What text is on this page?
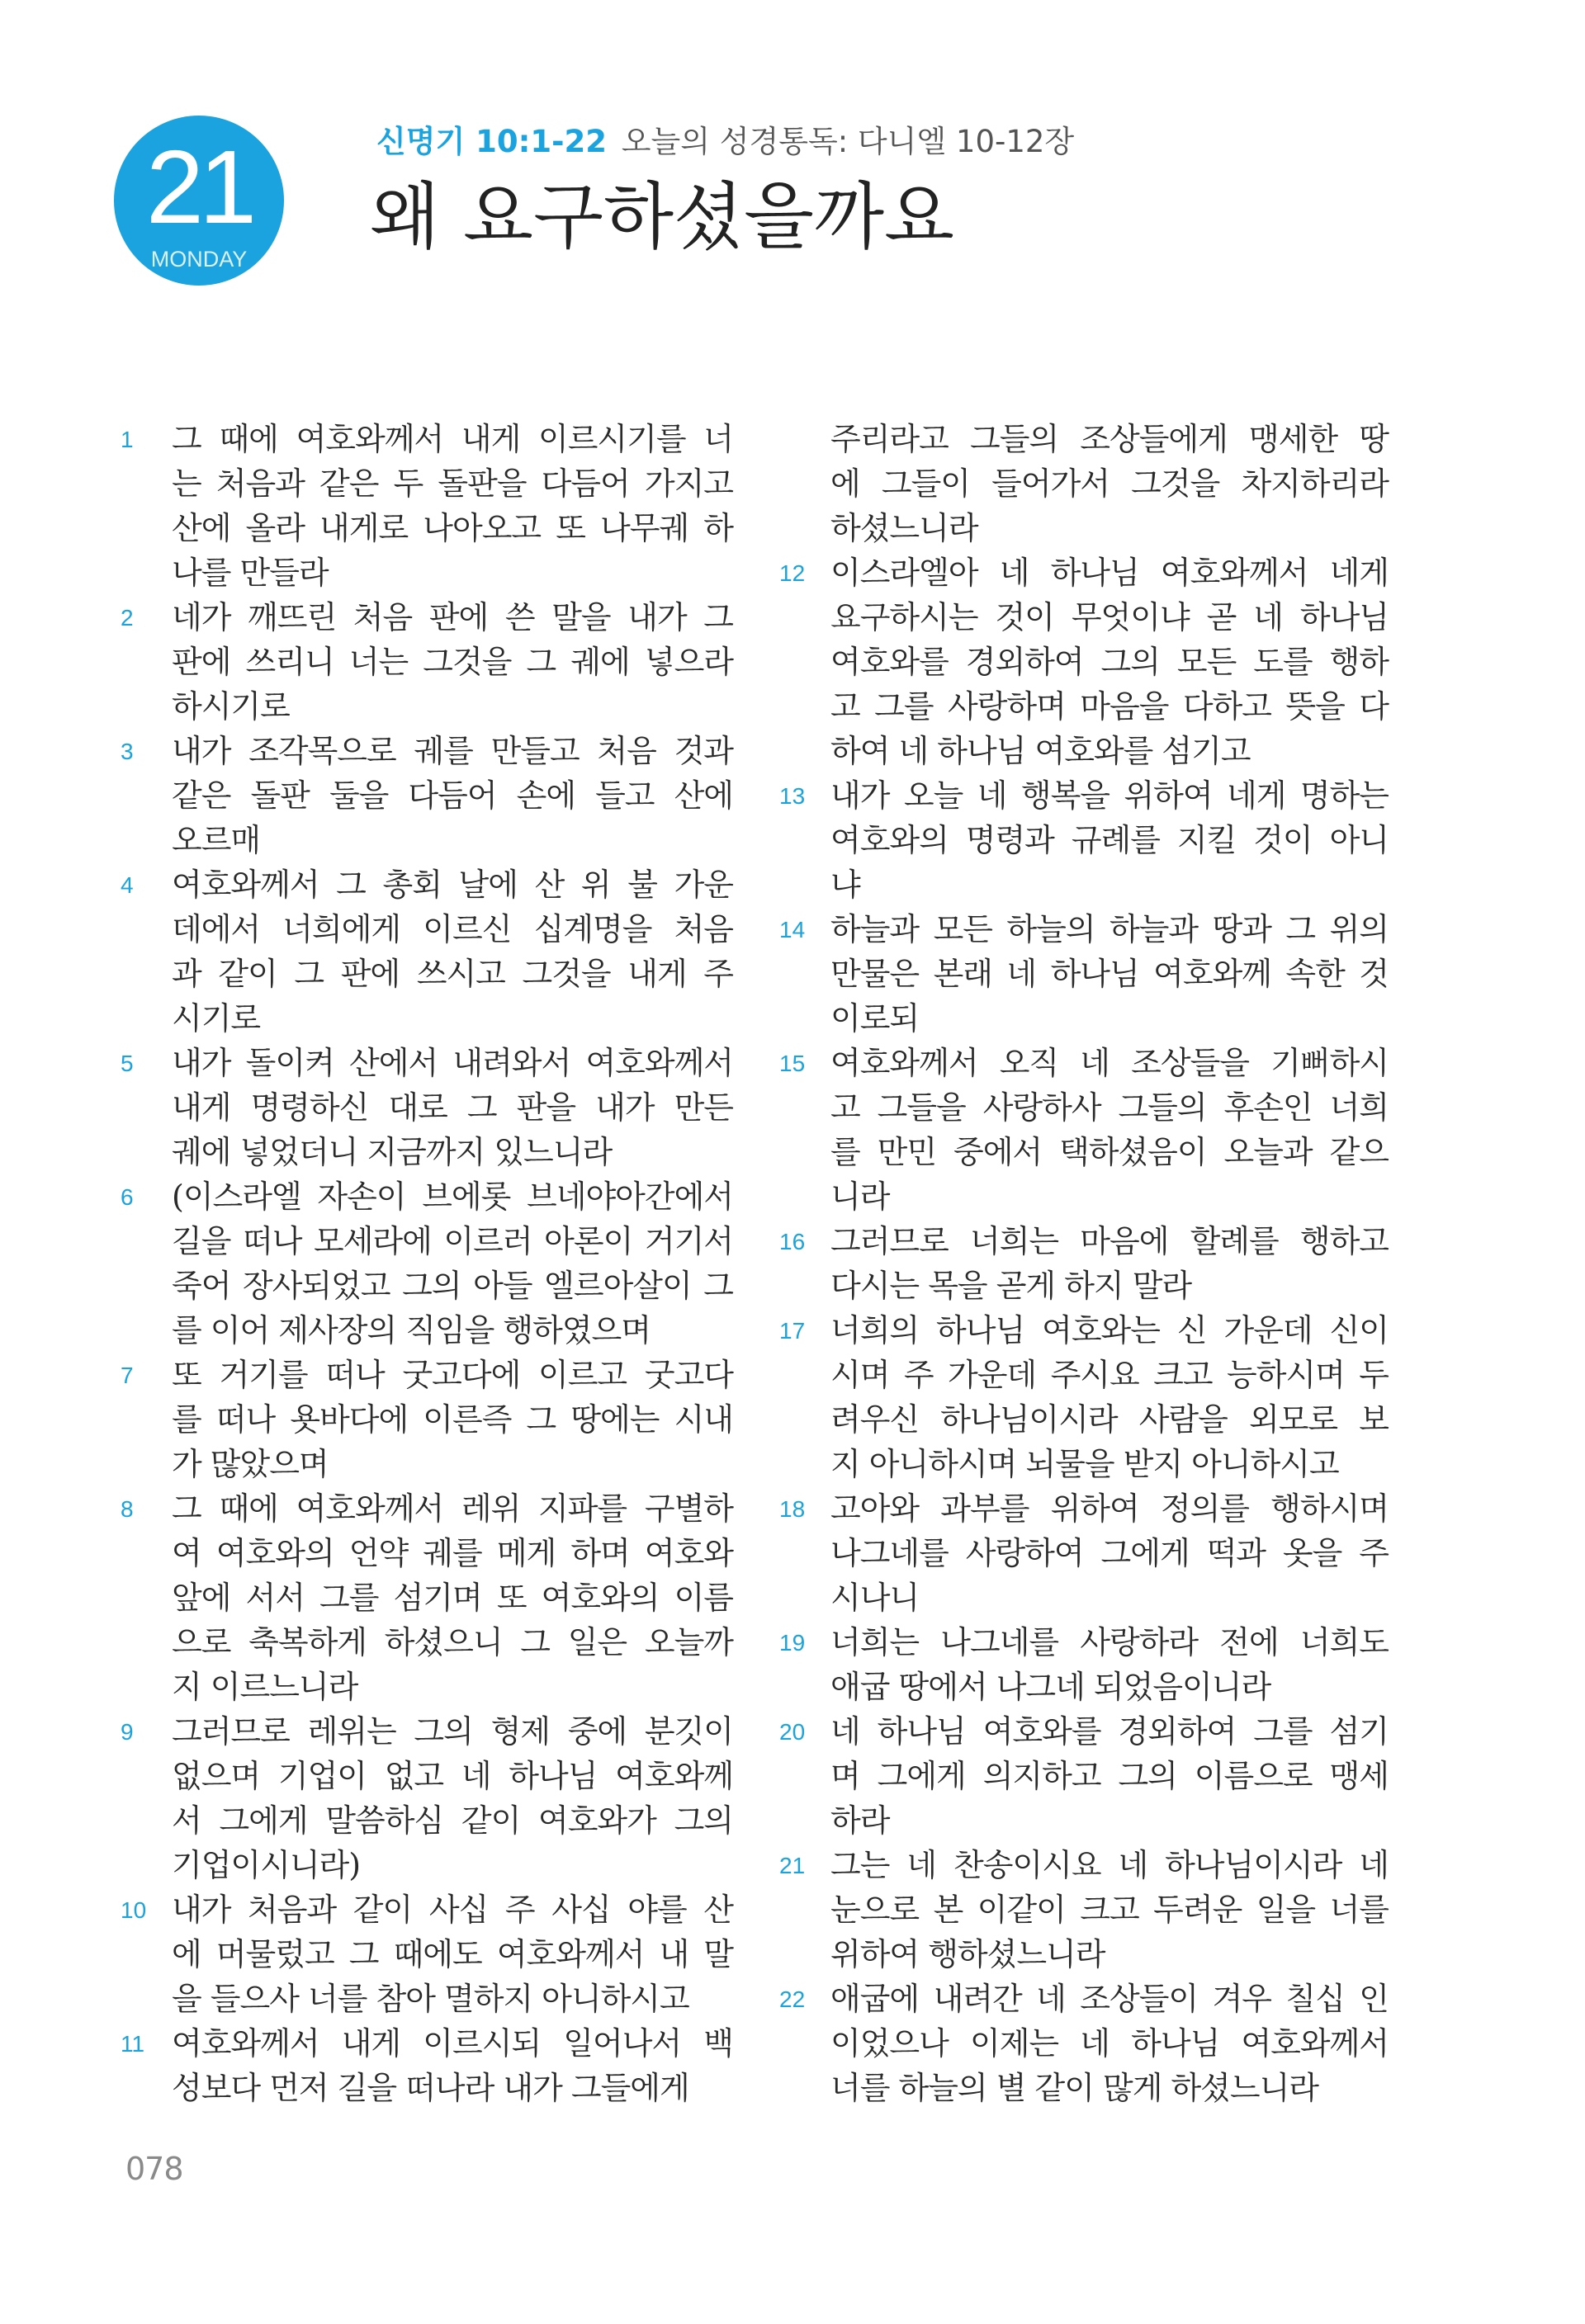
21
MONDAY
신명기 10:1-22 오늘의 성경통독: 다니엘 10-12장
왜 요구하셨을까요
1 그 때에 여호와께서 내게 이르시기를 너
는 처음과 같은 두 돌판을 다듬어 가지고
산에 올라 내게로 나아오고 또 나무궤 하
나를 만들라
2 네가 깨뜨린 처음 판에 쓴 말을 내가 그
판에 쓰리니 너는 그것을 그 궤에 넣으라
하시기로
3 내가 조각목으로 궤를 만들고 처음 것과
같은 돌판 둘을 다듬어 손에 들고 산에
오르매
4 여호와께서 그 총회 날에 산 위 불 가운
데에서 너희에게 이르신 십계명을 처음
과 같이 그 판에 쓰시고 그것을 내게 주
시기로
5 내가 돌이켜 산에서 내려와서 여호와께서
내게 명령하신 대로 그 판을 내가 만든
궤에 넣었더니 지금까지 있느니라
6 (이스라엘 자손이 브에롯 브네야아간에서
길을 떠나 모세라에 이르러 아론이 거기서
죽어 장사되었고 그의 아들 엘르아살이 그
를 이어 제사장의 직임을 행하였으며
7 또 거기를 떠나 굿고다에 이르고 굿고다
를 떠나 욧바다에 이른즉 그 땅에는 시내
가 많았으며
8 그 때에 여호와께서 레위 지파를 구별하
여 여호와의 언약 궤를 메게 하며 여호와
앞에 서서 그를 섬기며 또 여호와의 이름
으로 축복하게 하셨으니 그 일은 오늘까
지 이르느니라
9 그러므로 레위는 그의 형제 중에 분깃이
없으며 기업이 없고 네 하나님 여호와께
서 그에게 말씀하심 같이 여호와가 그의
기업이시니라)
10 내가 처음과 같이 사십 주 사십 야를 산
에 머물렀고 그 때에도 여호와께서 내 말
을 들으사 너를 참아 멸하지 아니하시고
11 여호와께서 내게 이르시되 일어나서 백
성보다 먼저 길을 떠나라 내가 그들에게
주리라고 그들의 조상들에게 맹세한 땅
에 그들이 들어가서 그것을 차지하리라
하셨느니라
12 이스라엘아 네 하나님 여호와께서 네게
요구하시는 것이 무엇이냐 곧 네 하나님
여호와를 경외하여 그의 모든 도를 행하
고 그를 사랑하며 마음을 다하고 뜻을 다
하여 네 하나님 여호와를 섬기고
13 내가 오늘 네 행복을 위하여 네게 명하는
여호와의 명령과 규례를 지킬 것이 아니
냐
14 하늘과 모든 하늘의 하늘과 땅과 그 위의
만물은 본래 네 하나님 여호와께 속한 것
이로되
15 여호와께서 오직 네 조상들을 기뻐하시
고 그들을 사랑하사 그들의 후손인 너희
를 만민 중에서 택하셨음이 오늘과 같으
니라
16 그러므로 너희는 마음에 할례를 행하고
다시는 목을 곧게 하지 말라
17 너희의 하나님 여호와는 신 가운데 신이
시며 주 가운데 주시요 크고 능하시며 두
려우신 하나님이시라 사람을 외모로 보
지 아니하시며 뇌물을 받지 아니하시고
18 고아와 과부를 위하여 정의를 행하시며
나그네를 사랑하여 그에게 떡과 옷을 주
시나니
19 너희는 나그네를 사랑하라 전에 너희도
애굽 땅에서 나그네 되었음이니라
20 네 하나님 여호와를 경외하여 그를 섬기
며 그에게 의지하고 그의 이름으로 맹세
하라
21 그는 네 찬송이시요 네 하나님이시라 네
눈으로 본 이같이 크고 두려운 일을 너를
위하여 행하셨느니라
22 애굽에 내려간 네 조상들이 겨우 칠십 인
이었으나 이제는 네 하나님 여호와께서
너를 하늘의 별 같이 많게 하셨느니라
078
